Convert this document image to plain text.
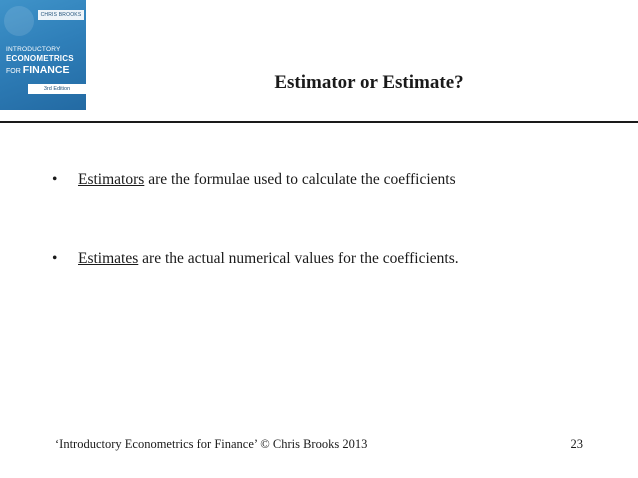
CHRIS BROOKS
INTRODUCTORY
ECONOMETRICS
FOR FINANCE
3rd Edition	Estimator or Estimate?
• Estimators are the formulae used to calculate the coefficients
• Estimates are the actual numerical values for the coefficients.
‘Introductory Econometrics for Finance’ © Chris Brooks 2013	23
